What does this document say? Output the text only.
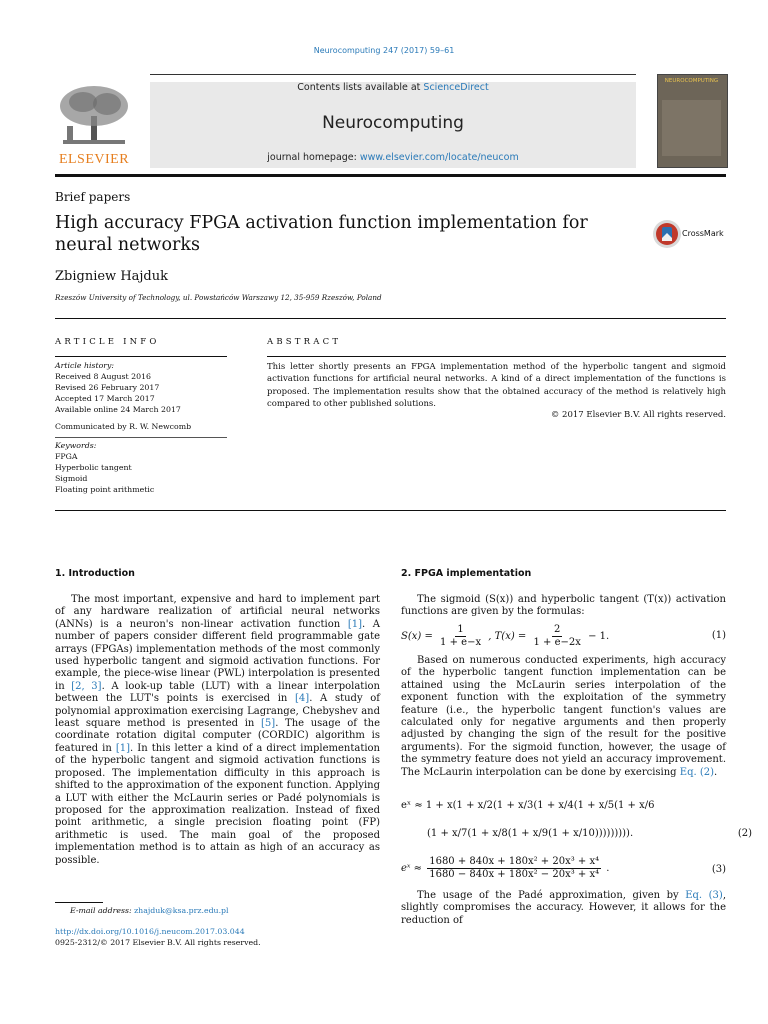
Neurocomputing 247 (2017) 59–61
ELSEVIER
Contents lists available at ScienceDirect
Neurocomputing
journal homepage: www.elsevier.com/locate/neucom
NEUROCOMPUTING
Brief papers
High accuracy FPGA activation function implementation for neural networks
CrossMark
Zbigniew Hajduk
Rzeszów University of Technology, ul. Powstańców Warszawy 12, 35-959 Rzeszów, Poland
ARTICLE INFO	ABSTRACT
Article history:
Received 8 August 2016
Revised 26 February 2017
Accepted 17 March 2017
Available online 24 March 2017
Communicated by R. W. Newcomb
Keywords:
FPGA
Hyperbolic tangent
Sigmoid
Floating point arithmetic
This letter shortly presents an FPGA implementation method of the hyperbolic tangent and sigmoid activation functions for artificial neural networks. A kind of a direct implementation of the functions is proposed. The implementation results show that the obtained accuracy of the method is relatively high compared to other published solutions.
© 2017 Elsevier B.V. All rights reserved.
1. Introduction
The most important, expensive and hard to implement part of any hardware realization of artificial neural networks (ANNs) is a neuron's non-linear activation function [1]. A number of papers consider different field programmable gate arrays (FPGAs) implementation methods of the most commonly used hyperbolic tangent and sigmoid activation functions. For example, the piece-wise linear (PWL) interpolation is presented in [2, 3]. A look-up table (LUT) with a linear interpolation between the LUT's points is exercised in [4]. A study of polynomial approximation exercising Lagrange, Chebyshev and least square method is presented in [5]. The usage of the coordinate rotation digital computer (CORDIC) algorithm is featured in [1]. In this letter a kind of a direct implementation of the hyperbolic tangent and sigmoid activation functions is proposed. The implementation difficulty in this approach is shifted to the approximation of the exponent function. Applying a LUT with either the McLaurin series or Padé polynomials is proposed for the approximation realization. Instead of fixed point arithmetic, a single precision floating point (FP) arithmetic is used. The main goal of the proposed implementation method is to attain as high of an accuracy as possible.
2. FPGA implementation
The sigmoid (S(x)) and hyperbolic tangent (T(x)) activation functions are given by the formulas:
$S(x) = \frac{1}{1 + e-x}$ , $T(x) = \frac{2}{1 + e-2x} - 1$.	(1)
Based on numerous conducted experiments, high accuracy of the hyperbolic tangent function implementation can be attained using the McLaurin series interpolation of the exponent function with the exploitation of the symmetry feature (i.e., the hyperbolic tangent function's values are calculated only for negative arguments and then properly adjusted by changing the sign of the result for the positive arguments). For the sigmoid function, however, the usage of the symmetry feature does not yield an accuracy improvement. The McLaurin interpolation can be done by exercising Eq. (2).
eˣ ≈ 1 + x(1 + x/2(1 + x/3(1 + x/4(1 + x/5(1 + x/6
(1 + x/7(1 + x/8(1 + x/9(1 + x/10))))))))).	(2)
eˣ ≈ $\frac{\text{1680 + 840x + 180x² + 20x³ + x⁴}}{\text{1680 − 840x + 180x² − 20x³ + x⁴}}$ .	(3)
The usage of the Padé approximation, given by Eq. (3), slightly compromises the accuracy. However, it allows for the reduction of
E-mail address: zhajduk@ksa.prz.edu.pl
http://dx.doi.org/10.1016/j.neucom.2017.03.044
0925-2312/© 2017 Elsevier B.V. All rights reserved.
